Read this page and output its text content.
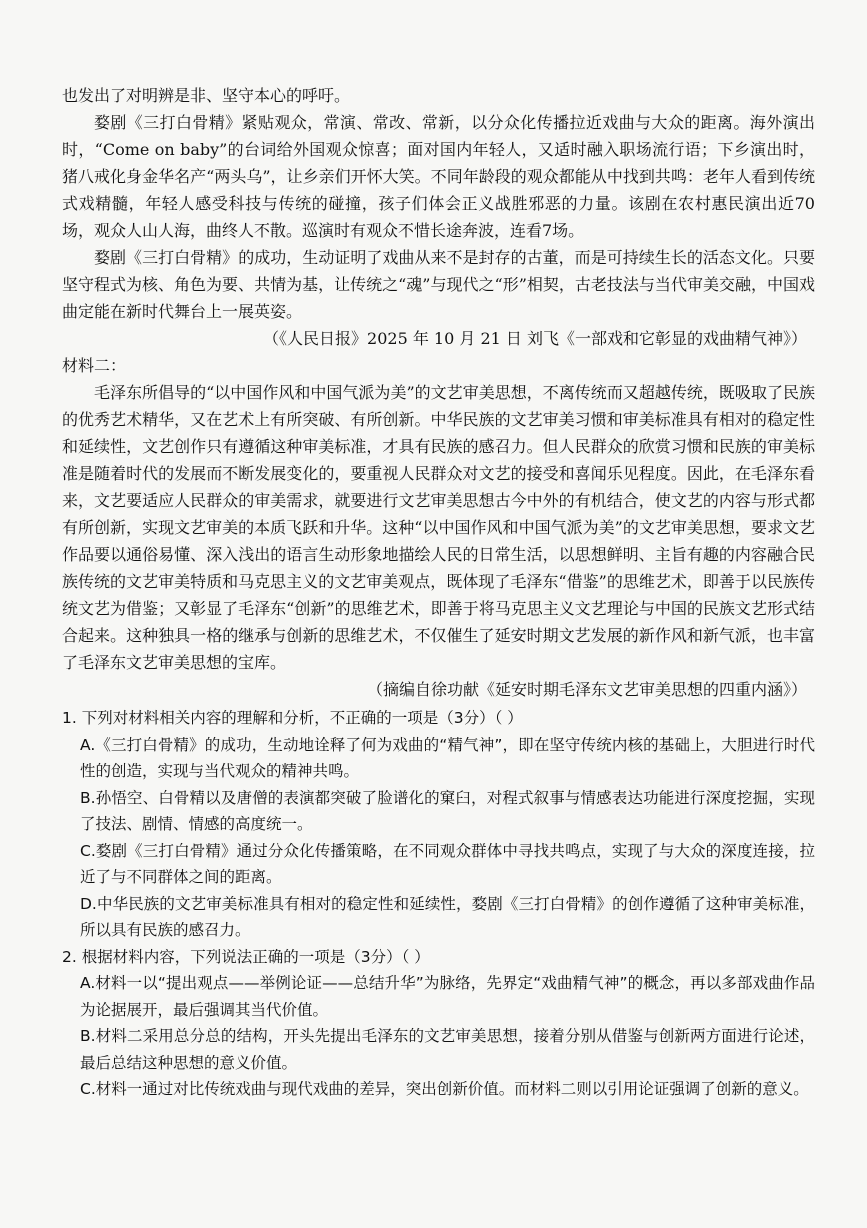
也发出了对明辨是非、坚守本心的呼吁。

婺剧《三打白骨精》紧贴观众，常演、常改、常新，以分众化传播拉近戏曲与大众的距离。海外演出时，“Come on baby”的台词给外国观众惊喜；面对国内年轻人，又适时融入职场流行语；下乡演出时，猪八戒化身金华名产“两头乌”，让乡亲们开怀大笑。不同年龄段的观众都能从中找到共鸣：老年人看到传统式戏精髓，年轻人感受科技与传统的碰撞，孩子们体会正义战胜邪恶的力量。该剧在农村惠民演出近70场，观众人山人海，曲终人不散。巡演时有观众不惜长途奔波，连看7场。

婺剧《三打白骨精》的成功，生动证明了戏曲从来不是封存的古董，而是可持续生长的活态文化。只要坚守程式为核、角色为要、共情为基，让传统之“魂”与现代之“形”相契，古老技法与当代审美交融，中国戏曲定能在新时代舞台上一展英姿。

（《人民日报》2025 年 10 月 21 日 刘飞《一部戏和它彰显的戏曲精气神》）

材料二：

毛泽东所倡导的“以中国作风和中国气派为美”的文艺审美思想，不离传统而又超越传统，既吸取了民族的优秀艺术精华，又在艺术上有所突破、有所创新。中华民族的文艺审美习惯和审美标准具有相对的稳定性和延续性，文艺创作只有遵循这种审美标准，才具有民族的感召力。但人民群众的欣赏习惯和民族的审美标准是随着时代的发展而不断发展变化的，要重视人民群众对文艺的接受和喜闻乐见程度。因此，在毛泽东看来，文艺要适应人民群众的审美需求，就要进行文艺审美思想古今中外的有机结合，使文艺的内容与形式都有所创新，实现文艺审美的本质飞跃和升华。这种“以中国作风和中国气派为美”的文艺审美思想，要求文艺作品要以通俗易懂、深入浅出的语言生动形象地描绘人民的日常生活，以思想鲜明、主旨有趣的内容融合民族传统的文艺审美特质和马克思主义的文艺审美观点，既体现了毛泽东“借鉴”的思维艺术，即善于以民族传统文艺为借鉴；又彰显了毛泽东“创新”的思维艺术，即善于将马克思主义文艺理论与中国的民族文艺形式结合起来。这种独具一格的继承与创新的思维艺术，不仅催生了延安时期文艺发展的新作风和新气派，也丰富了毛泽东文艺审美思想的宝库。

（摘编自徐功献《延安时期毛泽东文艺审美思想的四重内涵》）

1. 下列对材料相关内容的理解和分析，不正确的一项是（3分）（ ）

A.《三打白骨精》的成功，生动地诠释了何为戏曲的“精气神”，即在坚守传统内核的基础上，大胆进行时代性的创造，实现与当代观众的精神共鸣。

B.孙悟空、白骨精以及唐僧的表演都突破了脸谱化的窠臼，对程式叙事与情感表达功能进行深度挖掘，实现了技法、剧情、情感的高度统一。

C.婺剧《三打白骨精》通过分众化传播策略，在不同观众群体中寻找共鸣点，实现了与大众的深度连接，拉近了与不同群体之间的距离。

D.中华民族的文艺审美标准具有相对的稳定性和延续性，婺剧《三打白骨精》的创作遵循了这种审美标准，所以具有民族的感召力。

2. 根据材料内容，下列说法正确的一项是（3分）（ ）

A.材料一以“提出观点——举例论证——总结升华”为脉络，先界定“戏曲精气神”的概念，再以多部戏曲作品为论据展开，最后强调其当代价值。

B.材料二采用总分总的结构，开头先提出毛泽东的文艺审美思想，接着分别从借鉴与创新两方面进行论述，最后总结这种思想的意义价值。

C.材料一通过对比传统戏曲与现代戏曲的差异，突出创新价值。而材料二则以引用论证强调了创新的意义。
